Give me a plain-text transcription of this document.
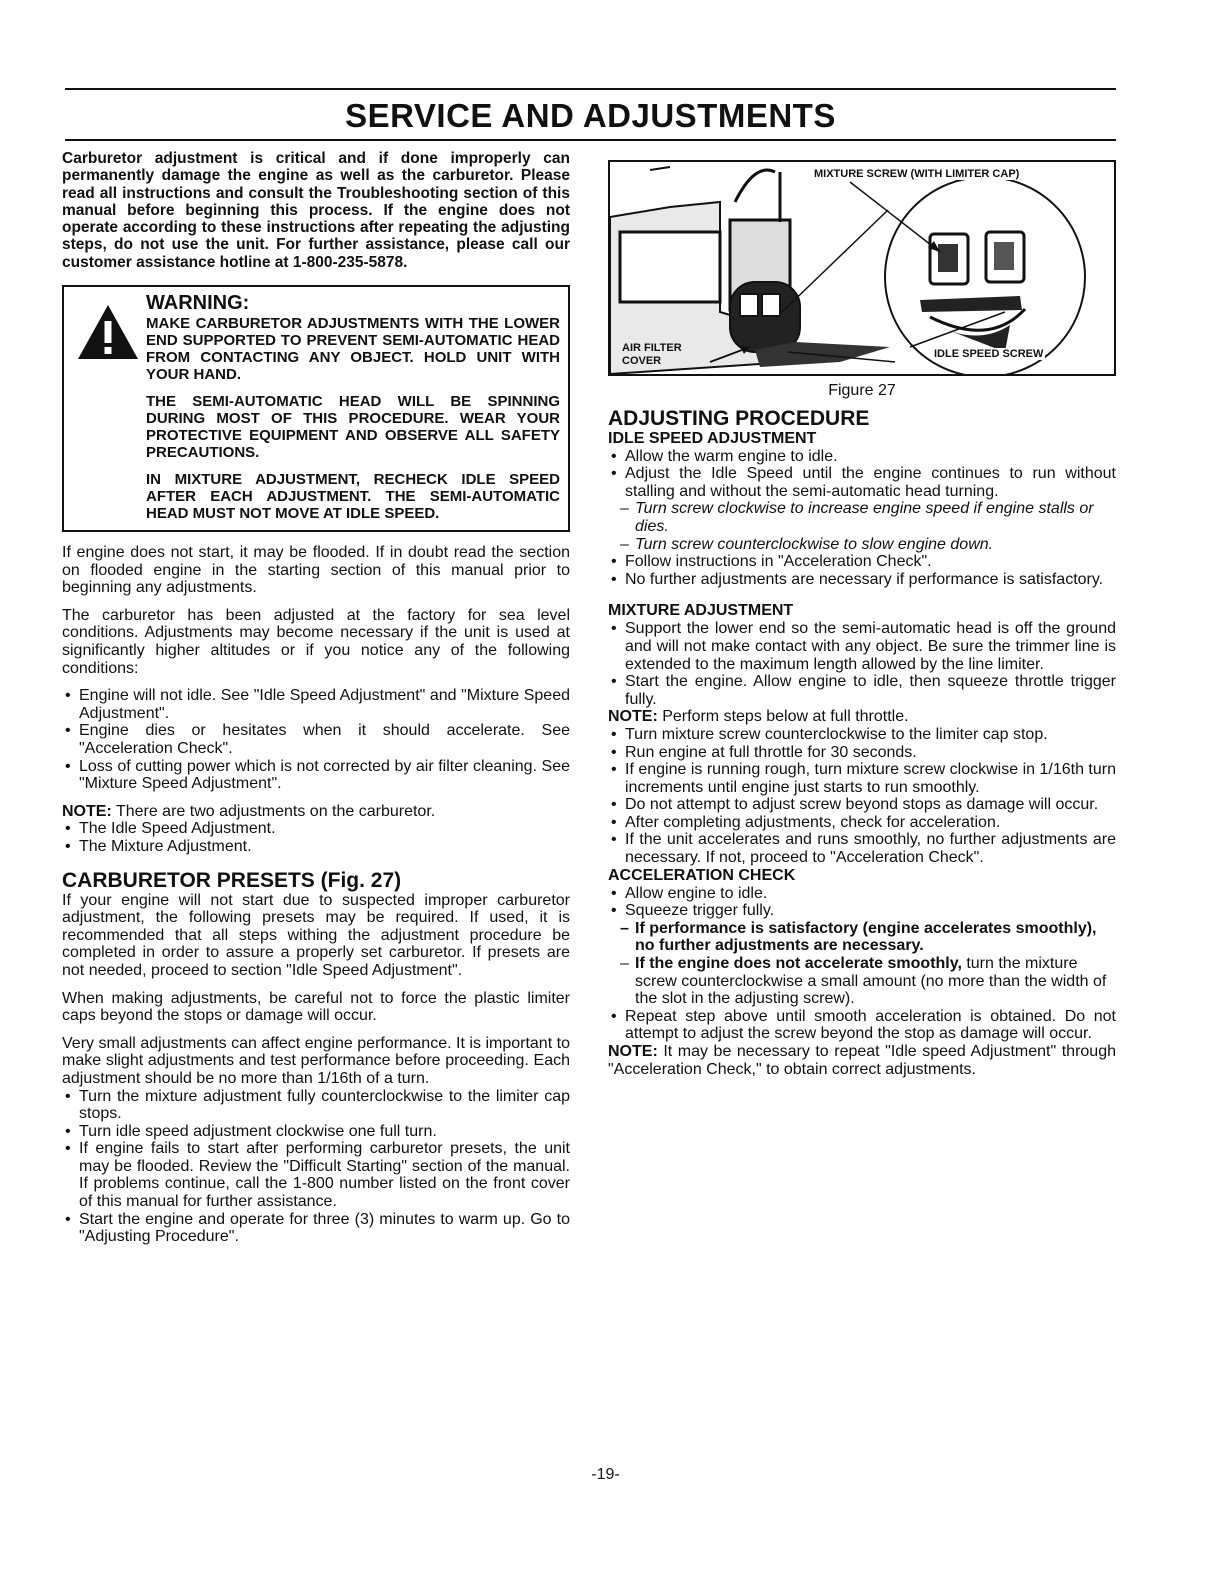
SERVICE AND ADJUSTMENTS

Carburetor adjustment is critical and if done improperly can permanently damage the engine as well as the carburetor. Please read all instructions and consult the Troubleshooting section of this manual before beginning this process. If the engine does not operate according to these instructions after repeating the adjusting steps, do not use the unit. For further assistance, please call our customer assistance hotline at 1-800-235-5878.

WARNING:

MAKE CARBURETOR ADJUSTMENTS WITH THE LOWER END SUPPORTED TO PREVENT SEMI-AUTOMATIC HEAD FROM CONTACTING ANY OBJECT. HOLD UNIT WITH YOUR HAND.

THE SEMI-AUTOMATIC HEAD WILL BE SPINNING DURING MOST OF THIS PROCEDURE. WEAR YOUR PROTECTIVE EQUIPMENT AND OBSERVE ALL SAFETY PRECAUTIONS.

IN MIXTURE ADJUSTMENT, RECHECK IDLE SPEED AFTER EACH ADJUSTMENT. THE SEMI-AUTOMATIC HEAD MUST NOT MOVE AT IDLE SPEED.

If engine does not start, it may be flooded. If in doubt read the section on flooded engine in the starting section of this manual prior to beginning any adjustments.

The carburetor has been adjusted at the factory for sea level conditions. Adjustments may become necessary if the unit is used at significantly higher altitudes or if you notice any of the following conditions:

• Engine will not idle. See "Idle Speed Adjustment" and "Mixture Speed Adjustment".
• Engine dies or hesitates when it should accelerate. See "Acceleration Check".
• Loss of cutting power which is not corrected by air filter cleaning. See "Mixture Speed Adjustment".
NOTE: There are two adjustments on the carburetor.
• The Idle Speed Adjustment.
• The Mixture Adjustment.
CARBURETOR PRESETS (Fig. 27)

If your engine will not start due to suspected improper carburetor adjustment, the following presets may be required. If used, it is recommended that all steps withing the adjustment procedure be completed in order to assure a properly set carburetor. If presets are not needed, proceed to section "Idle Speed Adjustment".

When making adjustments, be careful not to force the plastic limiter caps beyond the stops or damage will occur.

Very small adjustments can affect engine performance. It is important to make slight adjustments and test performance before proceeding. Each adjustment should be no more than 1/16th of a turn.

• Turn the mixture adjustment fully counterclockwise to the limiter cap stops.
• Turn idle speed adjustment clockwise one full turn.
• If engine fails to start after performing carburetor presets, the unit may be flooded. Review the "Difficult Starting" section of the manual. If problems continue, call the 1-800 number listed on the front cover of this manual for further assistance.
• Start the engine and operate for three (3) minutes to warm up. Go to "Adjusting Procedure".
MIXTURE SCREW (WITH LIMITER CAP)
AIR FILTER
COVER
IDLE SPEED SCREW
Figure 27
ADJUSTING PROCEDURE
IDLE SPEED ADJUSTMENT
• Allow the warm engine to idle.
• Adjust the Idle Speed until the engine continues to run without stalling and without the semi-automatic head turning.
– Turn screw clockwise to increase engine speed if engine stalls or dies.
– Turn screw counterclockwise to slow engine down.
• Follow instructions in "Acceleration Check".
• No further adjustments are necessary if performance is satisfactory.
MIXTURE ADJUSTMENT
• Support the lower end so the semi-automatic head is off the ground and will not make contact with any object. Be sure the trimmer line is extended to the maximum length allowed by the line limiter.
• Start the engine. Allow engine to idle, then squeeze throttle trigger fully.
NOTE: Perform steps below at full throttle.
• Turn mixture screw counterclockwise to the limiter cap stop.
• Run engine at full throttle for 30 seconds.
• If engine is running rough, turn mixture screw clockwise in 1/16th turn increments until engine just starts to run smoothly.
• Do not attempt to adjust screw beyond stops as damage will occur.
• After completing adjustments, check for acceleration.
• If the unit accelerates and runs smoothly, no further adjustments are necessary. If not, proceed to "Acceleration Check".
ACCELERATION CHECK
• Allow engine to idle.
• Squeeze trigger fully.
– If performance is satisfactory (engine accelerates smoothly), no further adjustments are necessary.
– If the engine does not accelerate smoothly, turn the mixture screw counterclockwise a small amount (no more than the width of the slot in the adjusting screw).
• Repeat step above until smooth acceleration is obtained. Do not attempt to adjust the screw beyond the stop as damage will occur.
NOTE: It may be necessary to repeat "Idle speed Adjustment" through "Acceleration Check," to obtain correct adjustments.
-19-
